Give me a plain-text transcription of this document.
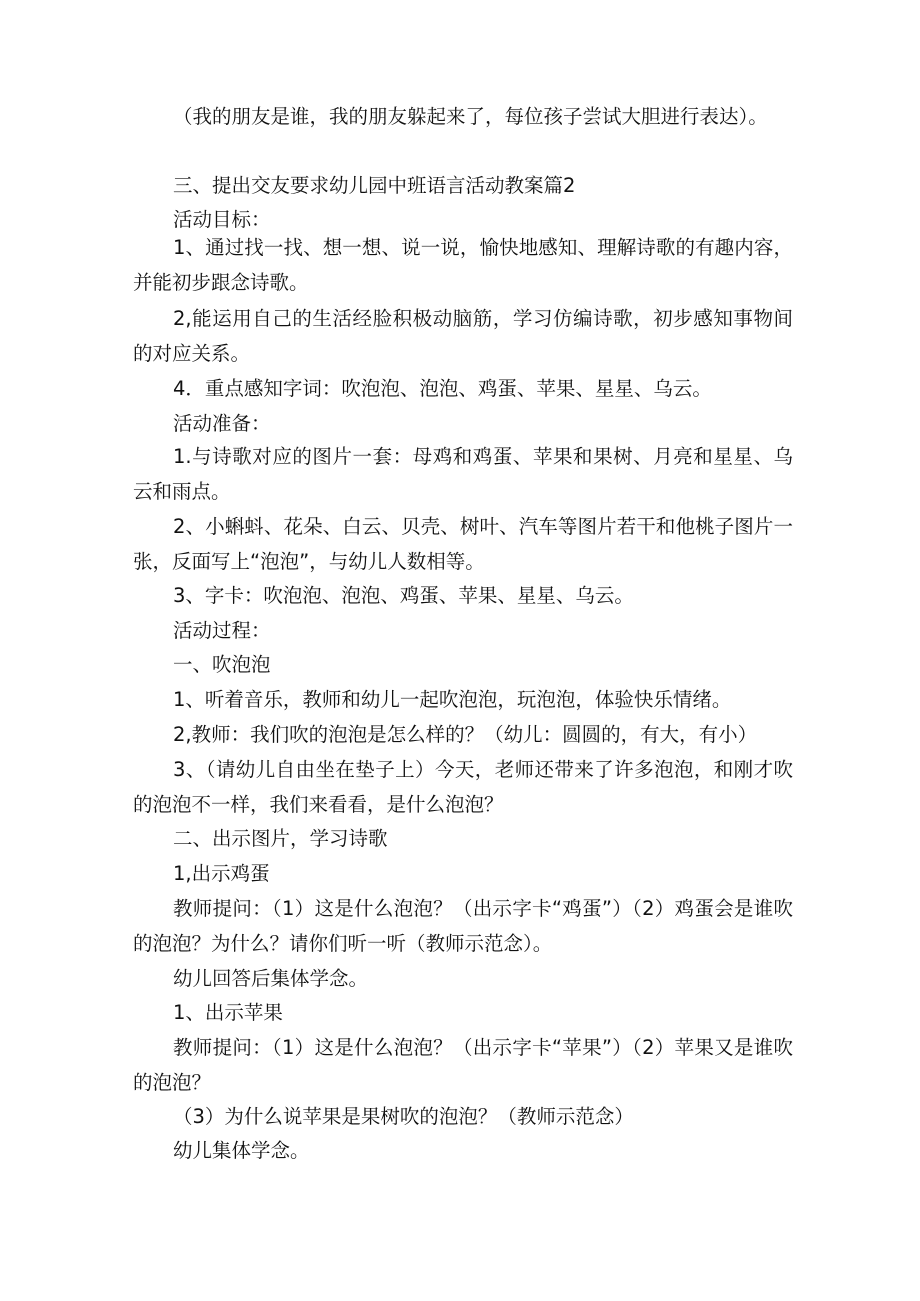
（我的朋友是谁，我的朋友躲起来了，每位孩子尝试大胆进行表达）。

三、提出交友要求幼儿园中班语言活动教案篇2

活动目标：

1、通过找一找、想一想、说一说，愉快地感知、理解诗歌的有趣内容，并能初步跟念诗歌。

2,能运用自己的生活经脸积极动脑筋，学习仿编诗歌，初步感知事物间的对应关系。

4．重点感知字词：吹泡泡、泡泡、鸡蛋、苹果、星星、乌云。

活动准备：

1.与诗歌对应的图片一套：母鸡和鸡蛋、苹果和果树、月亮和星星、乌云和雨点。

2、小蝌蚪、花朵、白云、贝壳、树叶、汽车等图片若干和他桃子图片一张，反面写上“泡泡”，与幼儿人数相等。

3、字卡：吹泡泡、泡泡、鸡蛋、苹果、星星、乌云。

活动过程：

一、吹泡泡

1、听着音乐，教师和幼儿一起吹泡泡，玩泡泡，体验快乐情绪。

2,教师：我们吹的泡泡是怎么样的？（幼儿：圆圆的，有大，有小）

3、（请幼儿自由坐在垫子上）今天，老师还带来了许多泡泡，和刚才吹的泡泡不一样，我们来看看，是什么泡泡？

二、出示图片，学习诗歌

1,出示鸡蛋

教师提问：（1）这是什么泡泡？（出示字卡“鸡蛋”）（2）鸡蛋会是谁吹的泡泡？为什么？请你们听一听（教师示范念）。

幼儿回答后集体学念。

1、出示苹果

教师提问：（1）这是什么泡泡？（出示字卡“苹果”）（2）苹果又是谁吹的泡泡？

（3）为什么说苹果是果树吹的泡泡？（教师示范念）

幼儿集体学念。
